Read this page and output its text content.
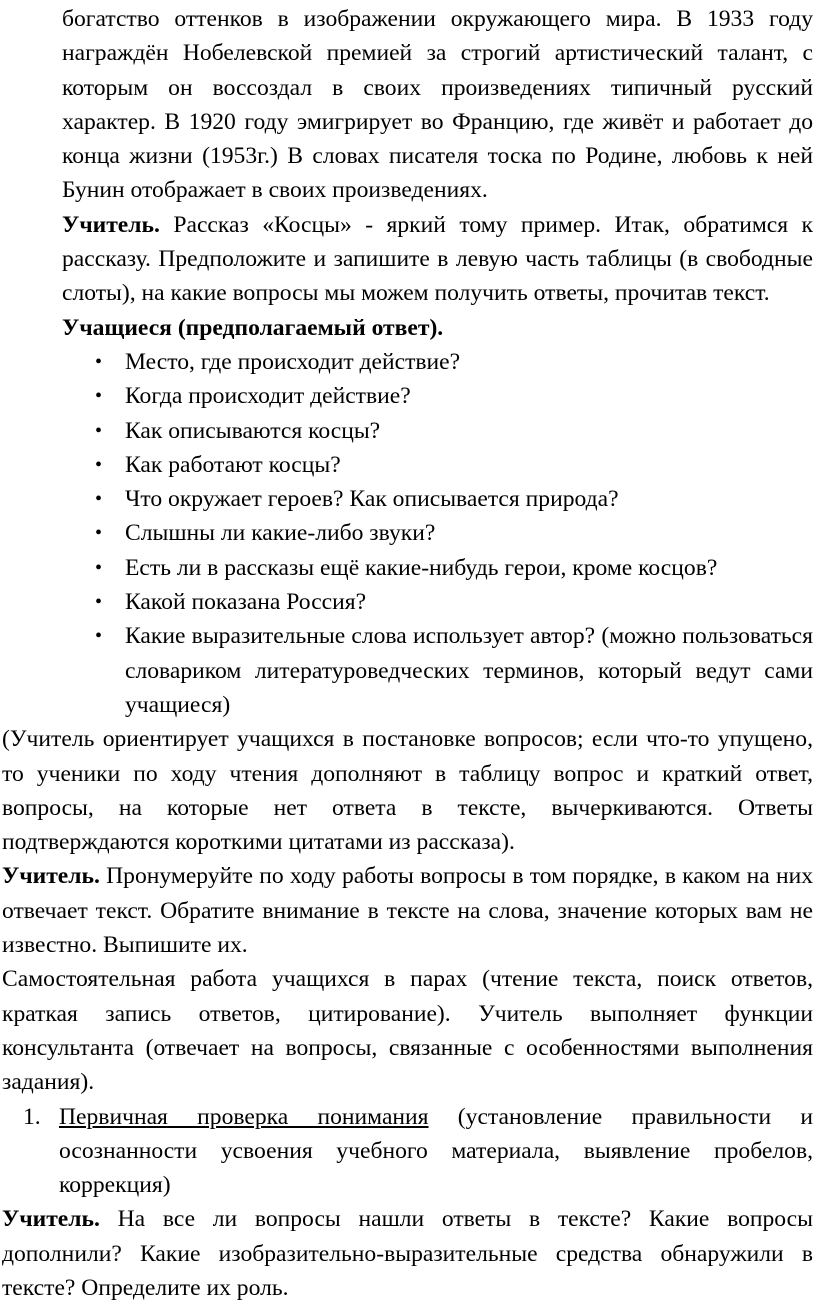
богатство оттенков в изображении окружающего мира. В 1933 году награждён Нобелевской премией за строгий артистический талант, с которым он воссоздал в своих произведениях типичный русский характер. В 1920 году эмигрирует во Францию, где живёт и работает до конца жизни (1953г.) В словах писателя тоска по Родине, любовь к ней Бунин отображает в своих произведениях.

Учитель. Рассказ «Косцы» - яркий тому пример. Итак, обратимся к рассказу. Предположите и запишите в левую часть таблицы (в свободные слоты), на какие вопросы мы можем получить ответы, прочитав текст.

Учащиеся (предполагаемый ответ).

• Место, где происходит действие?
• Когда происходит действие?
• Как описываются косцы?
• Как работают косцы?
• Что окружает героев? Как описывается природа?
• Слышны ли какие-либо звуки?
• Есть ли в рассказы ещё какие-нибудь герои, кроме косцов?
• Какой показана Россия?
• Какие выразительные слова использует автор? (можно пользоваться словариком литературоведческих терминов, который ведут сами учащиеся)

(Учитель ориентирует учащихся в постановке вопросов; если что-то упущено, то ученики по ходу чтения дополняют в таблицу вопрос и краткий ответ, вопросы, на которые нет ответа в тексте, вычеркиваются. Ответы подтверждаются короткими цитатами из рассказа).

Учитель. Пронумеруйте по ходу работы вопросы в том порядке, в каком на них отвечает текст. Обратите внимание в тексте на слова, значение которых вам не известно. Выпишите их.

Самостоятельная работа учащихся в парах (чтение текста, поиск ответов, краткая запись ответов, цитирование). Учитель выполняет функции консультанта (отвечает на вопросы, связанные с особенностями выполнения задания).

1. Первичная проверка понимания (установление правильности и осознанности усвоения учебного материала, выявление пробелов, коррекция)

Учитель. На все ли вопросы нашли ответы в тексте? Какие вопросы дополнили? Какие изобразительно-выразительные средства обнаружили в тексте? Определите их роль.
